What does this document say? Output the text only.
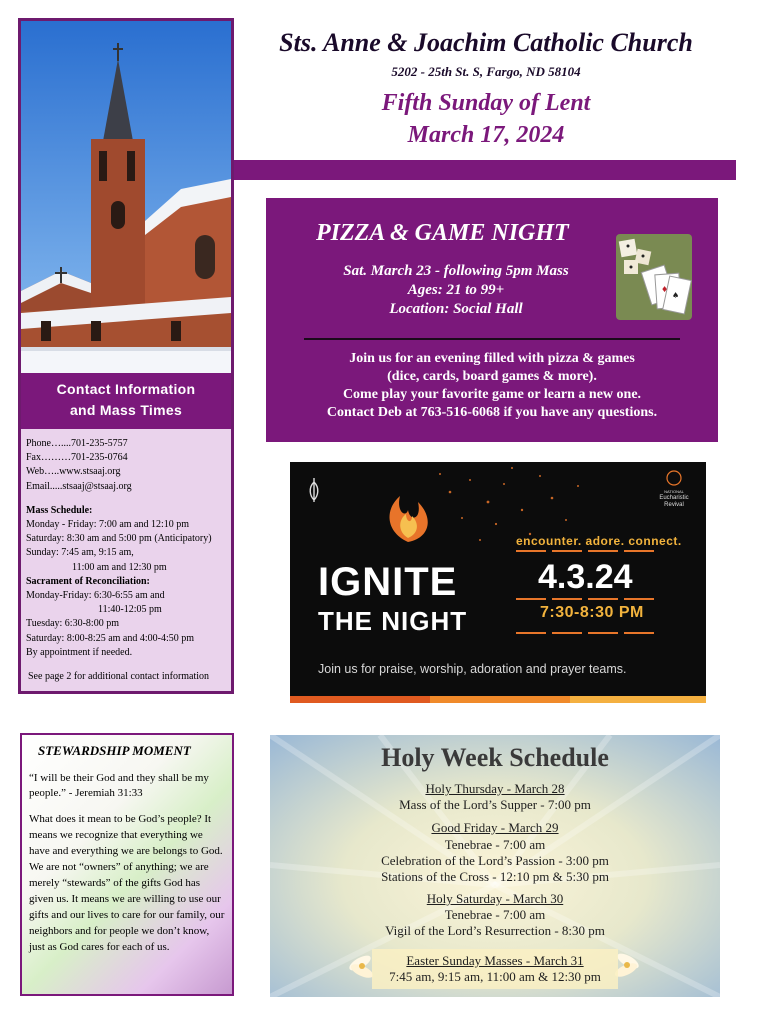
Contact Information
and Mass Times
Phone…....701-235-5757
Fax………701-235-0764
Web…..www.stsaaj.org
Email.....stsaaj@stsaaj.org
Mass Schedule:
Monday - Friday: 7:00 am and 12:10 pm
Saturday: 8:30 am and 5:00 pm (Anticipatory)
Sunday: 7:45 am, 9:15 am,
11:00 am and 12:30 pm
Sacrament of Reconciliation:
Monday-Friday: 6:30-6:55 am and
11:40-12:05 pm
Tuesday: 6:30-8:00 pm
Saturday: 8:00-8:25 am and 4:00-4:50 pm
By appointment if needed.
See page 2 for additional contact information
Sts. Anne & Joachim Catholic Church
5202 - 25th St. S, Fargo, ND 58104
Fifth Sunday of Lent
March 17, 2024
PIZZA & GAME NIGHT
Sat. March 23 - following 5pm Mass
Ages: 21 to 99+
Location: Social Hall
♦
♠
Join us for an evening filled with pizza & games
(dice, cards, board games & more).
Come play your favorite game or learn a new one.
Contact Deb at 763-516-6068 if you have any questions.
NATIONAL
Eucharistic
Revival
IGNITE
THE NIGHT
encounter. adore. connect.
4.3.24
7:30-8:30 PM
Join us for praise, worship, adoration and prayer teams.
STEWARDSHIP MOMENT
“I will be their God and they shall be my people.” - Jeremiah 31:33
What does it mean to be God’s people? It means we recognize that everything we have and everything we are belongs to God. We are not “owners” of anything; we are merely “stewards” of the gifts God has given us. It means we are willing to use our gifts and our lives to care for our family, our neighbors and for people we don’t know, just as God cares for each of us.
Holy Week Schedule
Holy Thursday - March 28
Mass of the Lord’s Supper - 7:00 pm
Good Friday - March 29
Tenebrae - 7:00 am
Celebration of the Lord’s Passion - 3:00 pm
Stations of the Cross - 12:10 pm & 5:30 pm
Holy Saturday - March 30
Tenebrae - 7:00 am
Vigil of the Lord’s Resurrection - 8:30 pm
Easter Sunday Masses - March 31
7:45 am, 9:15 am, 11:00 am & 12:30 pm
